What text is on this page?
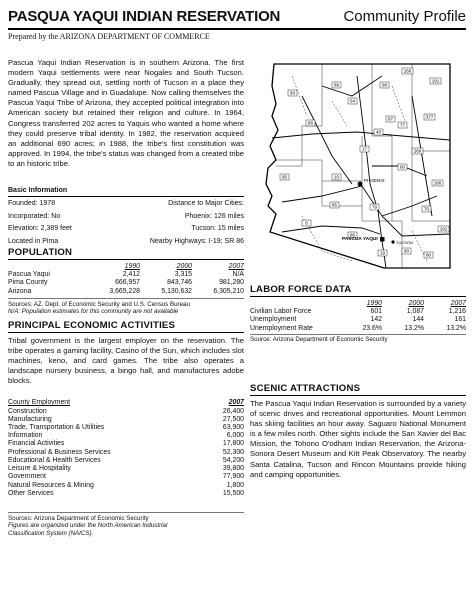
PASQUA YAQUI INDIAN RESERVATION	Community Profile
Prepared by the ARIZONA DEPARTMENT OF COMMERCE
Pascua Yaqui Indian Reservation is in southern Arizona. The first modern Yaqui settlements were near Nogales and South Tucson. Gradually, they spread out, settling north of Tucson in a place they named Pascua Village and in Guadalupe. Now calling themselves the Pascua Yaqui Tribe of Arizona, they accepted political integration into American society but retained their religion and culture. In 1964, Congress transferred 202 acres to Yaquis who wanted a home where they could preserve tribal identity. In 1982, the reservation acquired an additional 690 acres; in 1988, the tribe's first constitution was approved. In 1994, the tribe's status was changed from a created tribe to an historic tribe.
Basic Information
Founded: 1978	Distance to Major Cities:
Incorporated: No	Phoenix: 126 miles
Elevation: 2,389 feet	Tucson: 15 miles
Located in Pima	Nearby Highways: I-19; SR 86
POPULATION
	1990	2000	2007
Pascua Yaqui	2,412	3,315	N/A
Pima County	666,957	843,746	981,280
Arizona	3,665,228	5,130,632	6,305,210
Sources: AZ. Dept. of Economic Security and U.S. Census Bureau
N/A: Population estimates for this community are not available
PRINCIPAL ECONOMIC ACTIVITIES
Tribal government is the largest employer on the reservation. The tribe operates a gaming facility, Casino of the Sun, which includes slot machines, keno, and card games. The tribe also operates a landscape nursery business, a bingo hall, and manufactures adobe blocks.
County Employment	2007
Construction	26,400
Manufacturing	27,500
Trade, Transportation & Utilities	63,900
Information	6,000
Financial Activities	17,800
Professional & Business Services	52,300
Educational & Health Services	54,200
Leisure & Hospitality	39,800
Government	77,900
Natural Resources & Mining	1,800
Other Services	15,500
Sources: Arizona Department of Economic Security
Figures are organized under the North American Industrial Classification System (NAICS).
93
89
64
160
191
98
40
17
87
77
260
60
10
95
85
8
86
79
19	90
80
191
70
180
377
66
PHOENIX
PASCUA YAQUI
TUCSON
LABOR FORCE DATA
	1990	2000	2007
Civilian Labor Force	601	1,087	1,216
Unemployment	142	144	161
Unemployment Rate	23.6%	13.2%	13.2%
Source: Arizona Department of Economic Security
SCENIC ATTRACTIONS
The Pascua Yaqui Indian Reservation is surrounded by a variety of scenic drives and recreational opportunities. Mount Lemmon has skiing facilities an hour away. Saguaro National Monument is a few miles north. Other sights include the San Xavier del Bac Mission, the Tohono O'odham Indian Reservation, the Arizona-Sonora Desert Museum and Kitt Peak Observatory. The nearby Santa Catalina, Tucson and Rincon Mountains provide hiking and camping opportunities.
